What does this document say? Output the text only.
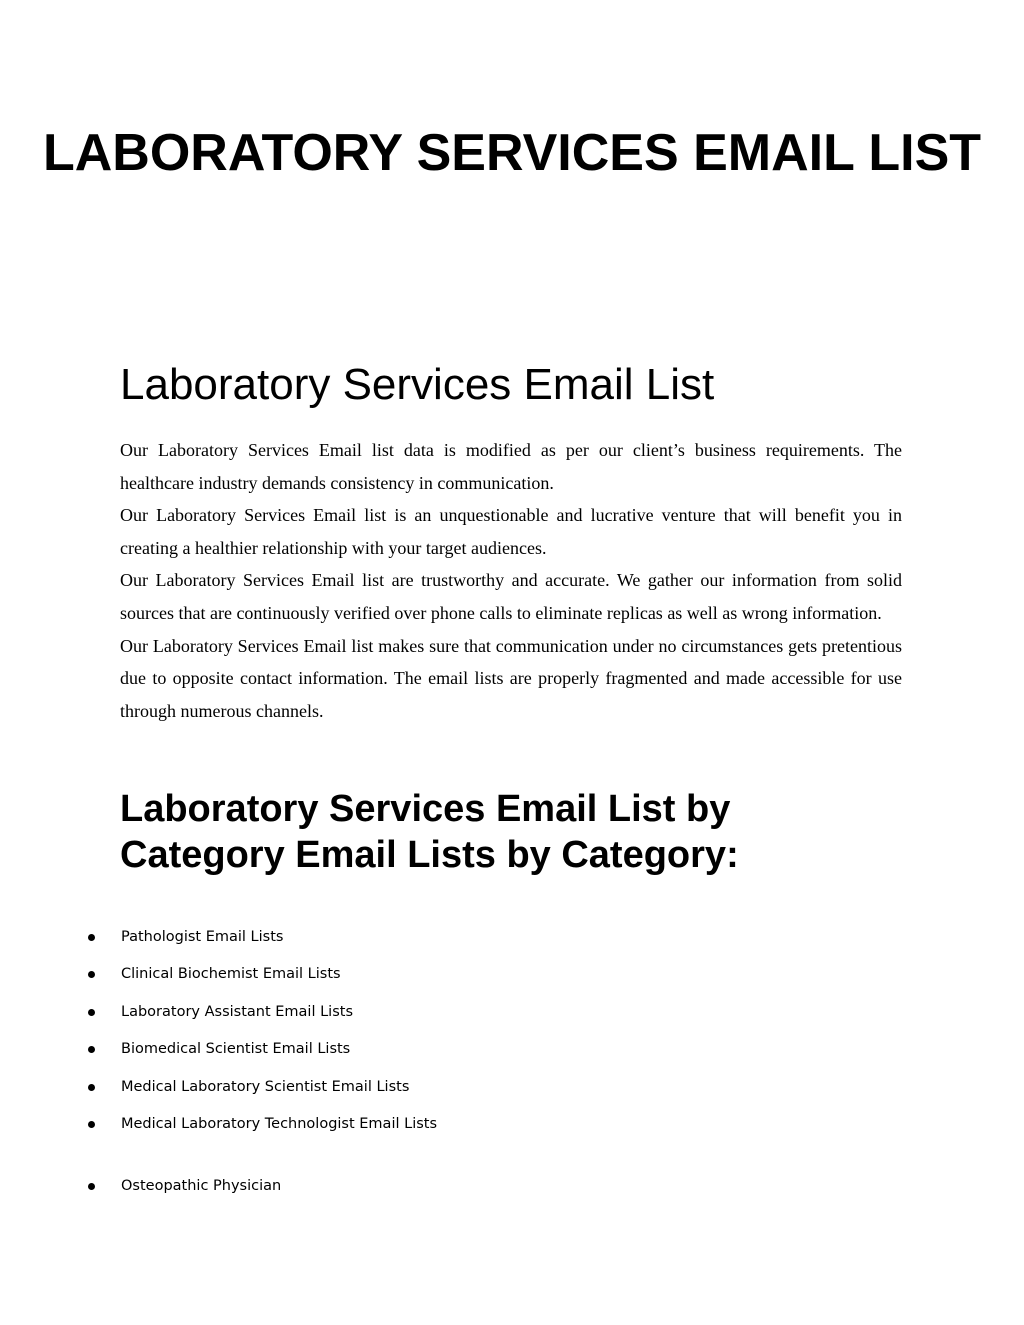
LABORATORY SERVICES EMAIL LIST
Laboratory Services Email List

Our Laboratory Services Email list data is modified as per our client’s business requirements. The healthcare industry demands consistency in communication.

Our Laboratory Services Email list is an unquestionable and lucrative venture that will benefit you in creating a healthier relationship with your target audiences.

Our Laboratory Services Email list are trustworthy and accurate. We gather our information from solid sources that are continuously verified over phone calls to eliminate replicas as well as wrong information.

Our Laboratory Services Email list makes sure that communication under no circumstances gets pretentious due to opposite contact information. The email lists are properly fragmented and made accessible for use through numerous channels.

Laboratory Services Email List by Category Email Lists by Category:
Pathologist Email Lists
Clinical Biochemist Email Lists
Laboratory Assistant Email Lists
Biomedical Scientist Email Lists
Medical Laboratory Scientist Email Lists
Medical Laboratory Technologist Email Lists
Osteopathic Physician
